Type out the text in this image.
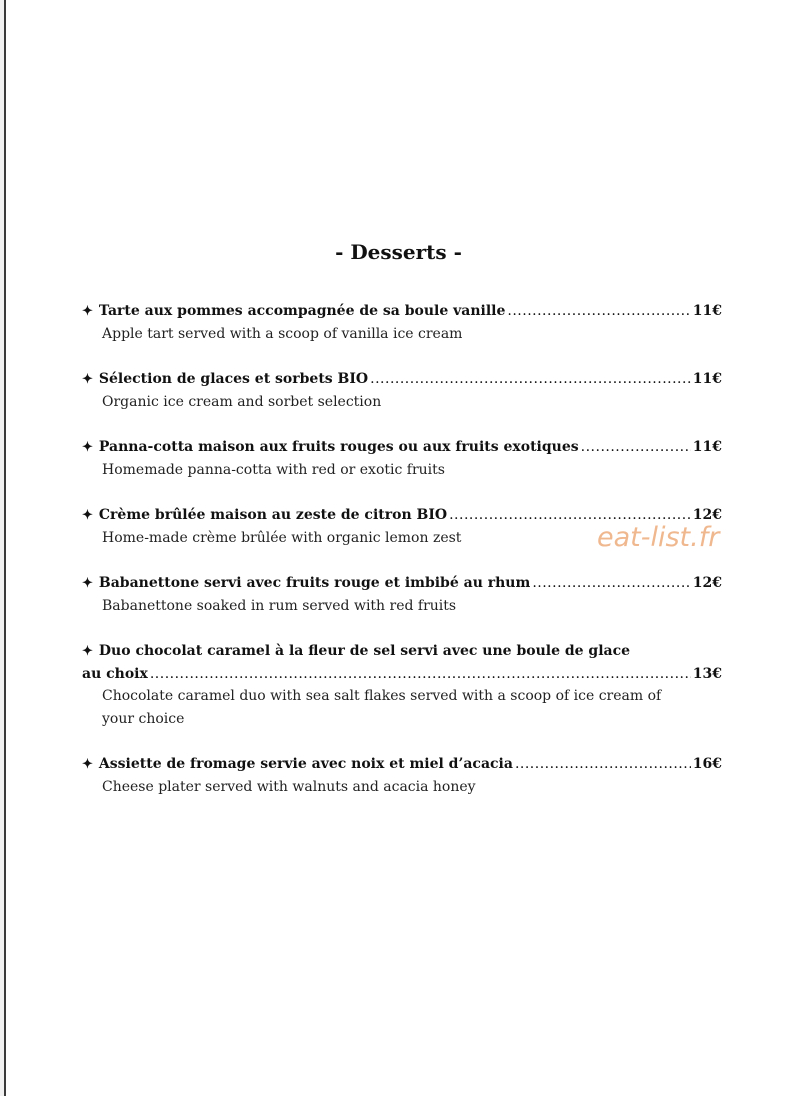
- Desserts -
✦ Tarte aux pommes accompagnée de sa boule vanille .....	11€
Apple tart served with a scoop of vanilla ice cream
✦ Sélection de glaces et sorbets BIO .....	11€
Organic ice cream and sorbet selection
✦ Panna-cotta maison aux fruits rouges ou aux fruits exotiques .....	11€
Homemade panna-cotta with red or exotic fruits
✦ Crème brûlée maison au zeste de citron BIO .....	12€
Home-made crème brûlée with organic lemon zest
✦ Babanettone servi avec fruits rouge et imbibé au rhum .....	12€
Babanettone soaked in rum served with red fruits
✦ Duo chocolat caramel à la fleur de sel servi avec une boule de glace
au choix .....	13€
Chocolate caramel duo with sea salt flakes served with a scoop of ice cream of
your choice
✦ Assiette de fromage servie avec noix et miel d’acacia .....	16€
Cheese plater served with walnuts and acacia honey
eat-list.fr
